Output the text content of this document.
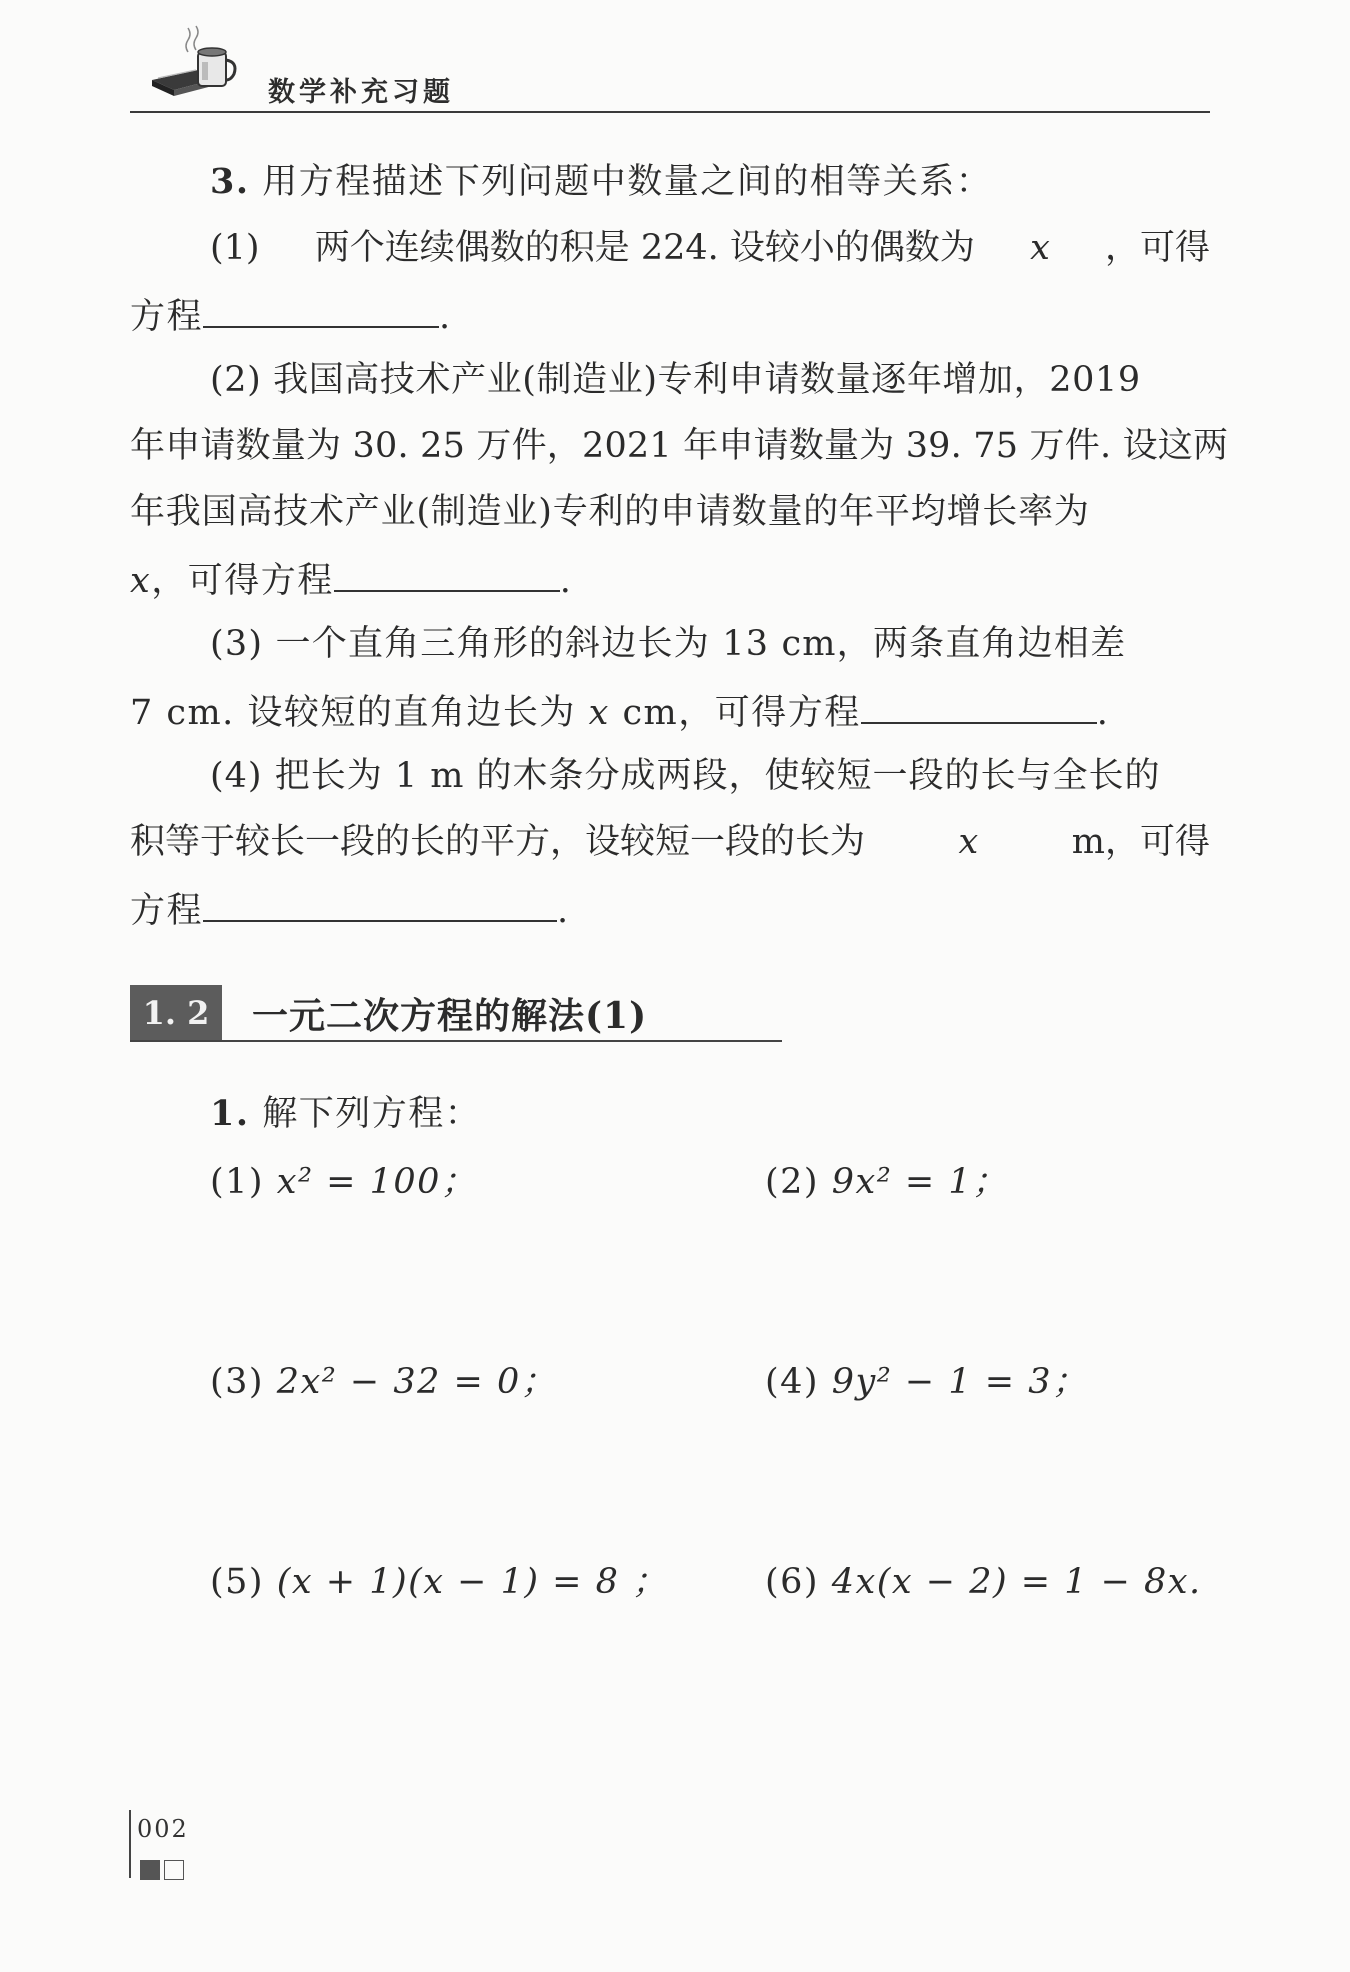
数学补充习题
3. 用方程描述下列问题中数量之间的相等关系：
(1) 两个连续偶数的积是 224. 设较小的偶数为 x ，可得
方程	.
(2) 我国高技术产业(制造业)专利申请数量逐年增加，2019
年申请数量为 30. 25 万件，2021 年申请数量为 39. 75 万件. 设这两
年我国高技术产业(制造业)专利的申请数量的年平均增长率为
x，可得方程	.
(3) 一个直角三角形的斜边长为 13 cm，两条直角边相差
7 cm. 设较短的直角边长为 x cm，可得方程	.
(4) 把长为 1 m 的木条分成两段，使较短一段的长与全长的
积等于较长一段的长的平方，设较短一段的长为	x	m，可得
方程	.
1. 2	一元二次方程的解法(1)
1. 解下列方程：
(1) x² = 100；	(2) 9x² = 1；
(3) 2x² − 32 = 0；	(4) 9y² − 1 = 3；
(5) (x + 1)(x − 1) = 8 ；	(6) 4x(x − 2) = 1 − 8x.
002
